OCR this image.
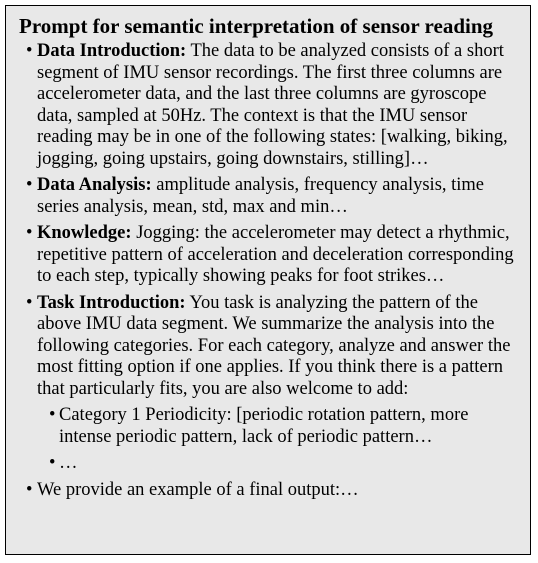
Prompt for semantic interpretation of sensor reading
• Data Introduction: The data to be analyzed consists of a short segment of IMU sensor recordings. The first three columns are accelerometer data, and the last three columns are gyroscope data, sampled at 50Hz. The context is that the IMU sensor reading may be in one of the following states: [walking, biking, jogging, going upstairs, going downstairs, stilling]…
• Data Analysis: amplitude analysis, frequency analysis, time series analysis, mean, std, max and min…
• Knowledge: Jogging: the accelerometer may detect a rhythmic, repetitive pattern of acceleration and deceleration corresponding to each step, typically showing peaks for foot strikes…
• Task Introduction: You task is analyzing the pattern of the above IMU data segment. We summarize the analysis into the following categories. For each category, analyze and answer the most fitting option if one applies. If you think there is a pattern that particularly fits, you are also welcome to add:
• Category 1 Periodicity: [periodic rotation pattern, more intense periodic pattern, lack of periodic pattern…
• …
• We provide an example of a final output:…
